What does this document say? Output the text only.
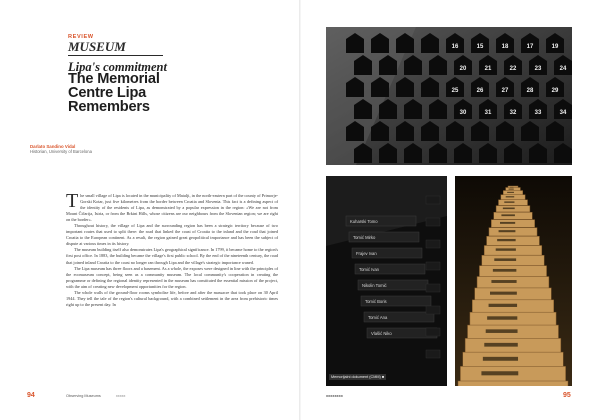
REVIEW
MUSEUM
Lipa's commitment
The Memorial
Centre Lipa
Remembers
Darlato Sandino Vidal
Historian, University of Barcelona

The small village of Lipa is located in the municipality of Matulji, in the north-eastern part of the county of Primorje-Gorski Kotar, just five kilometres from the border between Croatia and Slovenia. This fact is a defining aspect of the identity of the residents of Lipa, as demonstrated by a popular expression in the region: «We are not from Mount Čičarija, Istria, or from the Brkini Hills, whose citizens are our neighbours from the Slovenian region; we are right on the border».

Throughout history, the village of Lipa and the surrounding region has been a strategic territory because of two important routes that used to split there: the road that linked the coast of Croatia to the inland and the road that joined Croatia to the European continent. As a result, the region gained great geopolitical importance and has been the subject of dispute at various times in its history.

The museum building itself also demonstrates Lipa's geographical significance. In 1799, it became home to the region's first post office. In 1883, the building became the village's first public school. By the end of the nineteenth century, the road that joined inland Croatia to the coast no longer ran through Lipa and the village's strategic importance waned.

The Lipa museum has three floors and a basement. As a whole, the exposes were designed in line with the principles of the ecomuseum concept, being seen as a community museum. The local community's cooperation in creating the programme or defining the regional identity represented in the museum has constituted the essential mission of the project, with the aim of creating new development opportunities for the region.

The whole walls of the ground-floor rooms symbolise life, before and after the massacre that took place on 30 April 1944. They tell the tale of the region's cultural background, with a combined settlement in the area from prehistoric times right up to the present day. In

94	Observing Museums	xxxxx
16	15	18	17	19
20	21	22	23	24
25	26	27	28	29
30	31	32	33	34
Kuharski Tomo
Tomić Mirko
Frajev Ivan
Tomić Ivan
Nikolin Tomić
Tomić Boris
Tomić Ana
Vlašić Niko
Memorijalni dokument (CMM) ■
xxxxxxxx	95
